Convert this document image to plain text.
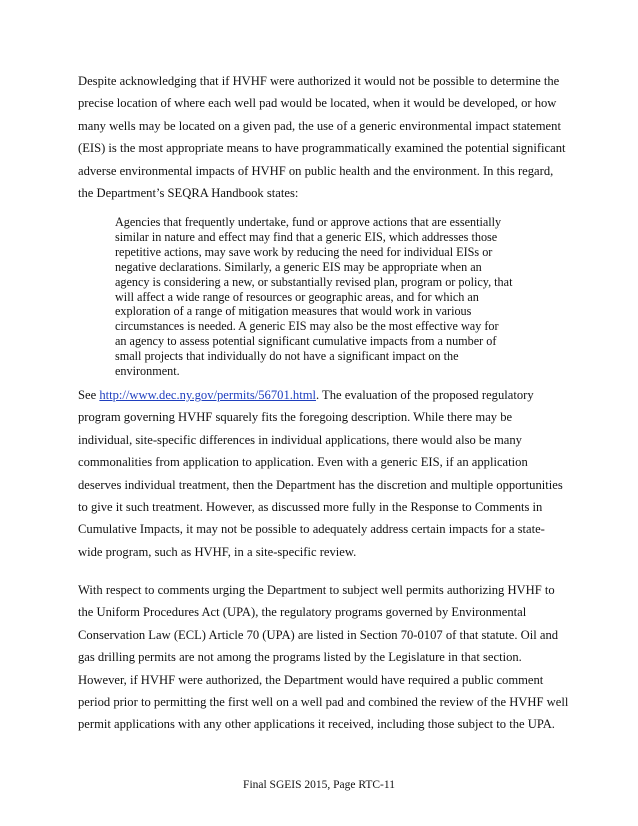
Despite acknowledging that if HVHF were authorized it would not be possible to determine the
precise location of where each well pad would be located, when it would be developed, or how
many wells may be located on a given pad, the use of a generic environmental impact statement
(EIS) is the most appropriate means to have programmatically examined the potential significant
adverse environmental impacts of HVHF on public health and the environment. In this regard,
the Department’s SEQRA Handbook states:
Agencies that frequently undertake, fund or approve actions that are essentially
similar in nature and effect may find that a generic EIS, which addresses those
repetitive actions, may save work by reducing the need for individual EISs or
negative declarations. Similarly, a generic EIS may be appropriate when an
agency is considering a new, or substantially revised plan, program or policy, that
will affect a wide range of resources or geographic areas, and for which an
exploration of a range of mitigation measures that would work in various
circumstances is needed. A generic EIS may also be the most effective way for
an agency to assess potential significant cumulative impacts from a number of
small projects that individually do not have a significant impact on the
environment.
See http://www.dec.ny.gov/permits/56701.html. The evaluation of the proposed regulatory
program governing HVHF squarely fits the foregoing description. While there may be
individual, site-specific differences in individual applications, there would also be many
commonalities from application to application. Even with a generic EIS, if an application
deserves individual treatment, then the Department has the discretion and multiple opportunities
to give it such treatment. However, as discussed more fully in the Response to Comments in
Cumulative Impacts, it may not be possible to adequately address certain impacts for a state-
wide program, such as HVHF, in a site-specific review.
With respect to comments urging the Department to subject well permits authorizing HVHF to
the Uniform Procedures Act (UPA), the regulatory programs governed by Environmental
Conservation Law (ECL) Article 70 (UPA) are listed in Section 70-0107 of that statute. Oil and
gas drilling permits are not among the programs listed by the Legislature in that section.
However, if HVHF were authorized, the Department would have required a public comment
period prior to permitting the first well on a well pad and combined the review of the HVHF well
permit applications with any other applications it received, including those subject to the UPA.
Final SGEIS 2015, Page RTC-11
